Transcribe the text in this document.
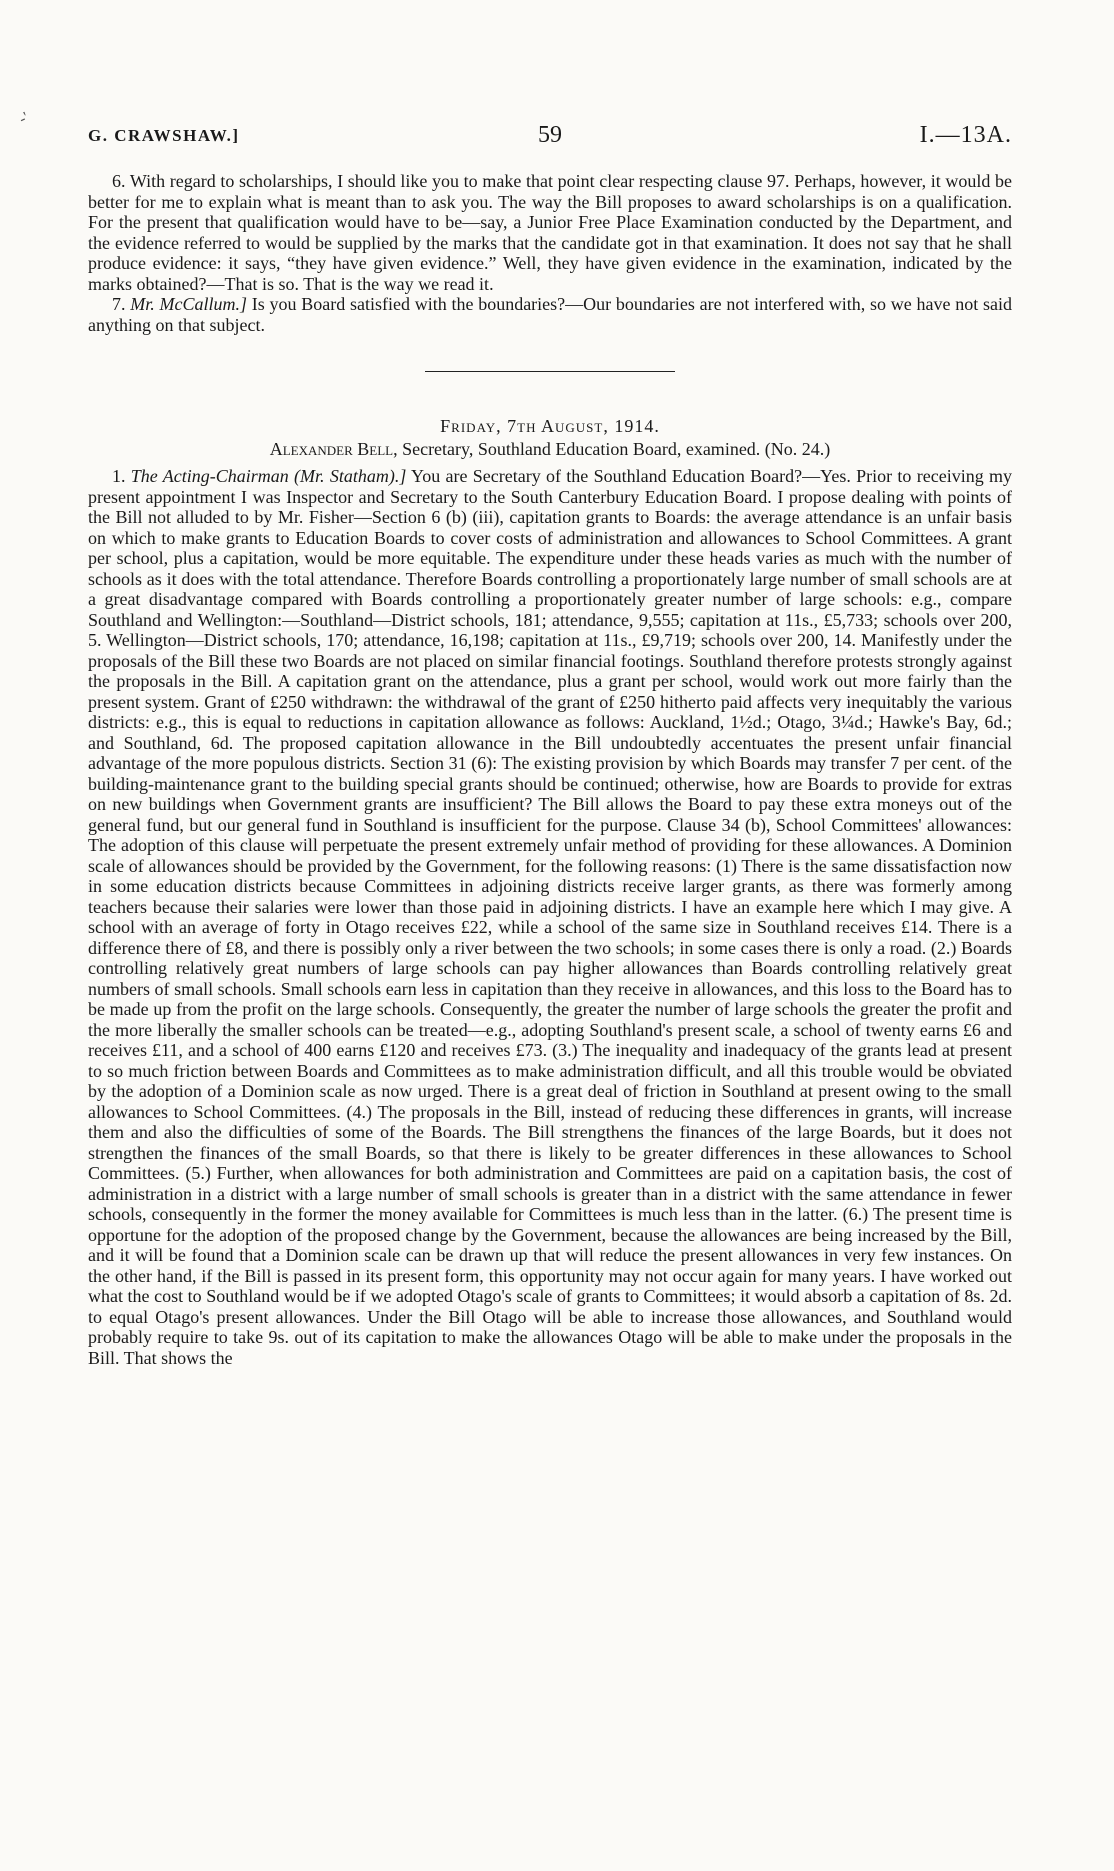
-'
G. CRAWSHAW.]	59	I.—13A.

6. With regard to scholarships, I should like you to make that point clear respecting clause 97. Perhaps, however, it would be better for me to explain what is meant than to ask you. The way the Bill proposes to award scholarships is on a qualification. For the present that qualification would have to be—say, a Junior Free Place Examination conducted by the Department, and the evidence referred to would be supplied by the marks that the candidate got in that examination. It does not say that he shall produce evidence: it says, “they have given evidence.” Well, they have given evidence in the examination, indicated by the marks obtained?—That is so. That is the way we read it.

7. Mr. McCallum.] Is you Board satisfied with the boundaries?—Our boundaries are not interfered with, so we have not said anything on that subject.

Friday, 7th August, 1914.
Alexander Bell, Secretary, Southland Education Board, examined. (No. 24.)

1. The Acting-Chairman (Mr. Statham).] You are Secretary of the Southland Education Board?—Yes. Prior to receiving my present appointment I was Inspector and Secretary to the South Canterbury Education Board. I propose dealing with points of the Bill not alluded to by Mr. Fisher—Section 6 (b) (iii), capitation grants to Boards: the average attendance is an unfair basis on which to make grants to Education Boards to cover costs of administration and allowances to School Committees. A grant per school, plus a capitation, would be more equitable. The expenditure under these heads varies as much with the number of schools as it does with the total attendance. Therefore Boards controlling a proportionately large number of small schools are at a great disadvantage compared with Boards controlling a proportionately greater number of large schools: e.g., compare Southland and Wellington:—Southland—District schools, 181; attendance, 9,555; capitation at 11s., £5,733; schools over 200, 5. Wellington—District schools, 170; attendance, 16,198; capitation at 11s., £9,719; schools over 200, 14. Manifestly under the proposals of the Bill these two Boards are not placed on similar financial footings. Southland therefore protests strongly against the proposals in the Bill. A capitation grant on the attendance, plus a grant per school, would work out more fairly than the present system. Grant of £250 withdrawn: the withdrawal of the grant of £250 hitherto paid affects very inequitably the various districts: e.g., this is equal to reductions in capitation allowance as follows: Auckland, 1½d.; Otago, 3¼d.; Hawke's Bay, 6d.; and Southland, 6d. The proposed capitation allowance in the Bill undoubtedly accentuates the present unfair financial advantage of the more populous districts. Section 31 (6): The existing provision by which Boards may transfer 7 per cent. of the building-maintenance grant to the building special grants should be continued; otherwise, how are Boards to provide for extras on new buildings when Government grants are insufficient? The Bill allows the Board to pay these extra moneys out of the general fund, but our general fund in Southland is insufficient for the purpose. Clause 34 (b), School Committees' allowances: The adoption of this clause will perpetuate the present extremely unfair method of providing for these allowances. A Dominion scale of allowances should be provided by the Government, for the following reasons: (1) There is the same dissatisfaction now in some education districts because Committees in adjoining districts receive larger grants, as there was formerly among teachers because their salaries were lower than those paid in adjoining districts. I have an example here which I may give. A school with an average of forty in Otago receives £22, while a school of the same size in Southland receives £14. There is a difference there of £8, and there is possibly only a river between the two schools; in some cases there is only a road. (2.) Boards controlling relatively great numbers of large schools can pay higher allowances than Boards controlling relatively great numbers of small schools. Small schools earn less in capitation than they receive in allowances, and this loss to the Board has to be made up from the profit on the large schools. Consequently, the greater the number of large schools the greater the profit and the more liberally the smaller schools can be treated—e.g., adopting Southland's present scale, a school of twenty earns £6 and receives £11, and a school of 400 earns £120 and receives £73. (3.) The inequality and inadequacy of the grants lead at present to so much friction between Boards and Committees as to make administration difficult, and all this trouble would be obviated by the adoption of a Dominion scale as now urged. There is a great deal of friction in Southland at present owing to the small allowances to School Committees. (4.) The proposals in the Bill, instead of reducing these differences in grants, will increase them and also the difficulties of some of the Boards. The Bill strengthens the finances of the large Boards, but it does not strengthen the finances of the small Boards, so that there is likely to be greater differences in these allowances to School Committees. (5.) Further, when allowances for both administration and Committees are paid on a capitation basis, the cost of administration in a district with a large number of small schools is greater than in a district with the same attendance in fewer schools, consequently in the former the money available for Committees is much less than in the latter. (6.) The present time is opportune for the adoption of the proposed change by the Government, because the allowances are being increased by the Bill, and it will be found that a Dominion scale can be drawn up that will reduce the present allowances in very few instances. On the other hand, if the Bill is passed in its present form, this opportunity may not occur again for many years. I have worked out what the cost to Southland would be if we adopted Otago's scale of grants to Committees; it would absorb a capitation of 8s. 2d. to equal Otago's present allowances. Under the Bill Otago will be able to increase those allowances, and Southland would probably require to take 9s. out of its capitation to make the allowances Otago will be able to make under the proposals in the Bill. That shows the
